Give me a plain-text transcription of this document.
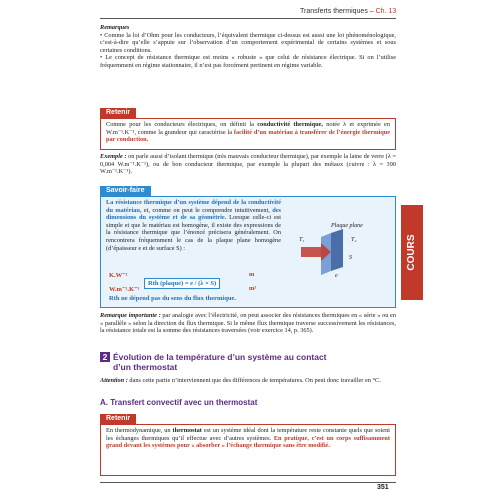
Transferts thermiques – Ch. 13
Remarques
• Comme la loi d’Ohm pour les conducteurs, l’équivalent thermique ci-dessus est aussi une loi phénoménologique, c’est-à-dire qu’elle s’appuie sur l’observation d’un comportement expérimental de certains systèmes et sous certaines conditions.
• Le concept de résistance thermique est moins « robuste » que celui de résistance électrique. Si on l’utilise fréquemment en régime stationnaire, il n’est pas forcément pertinent en régime variable.
Retenir
Comme pour les conducteurs électriques, on définit la conductivité thermique, notée λ et exprimée en W.m⁻¹.K⁻¹, comme la grandeur qui caractérise la facilité d’un matériau à transférer de l’énergie thermique par conduction.
Exemple : on parle aussi d’isolant thermique (très mauvais conducteur thermique), par exemple la laine de verre (λ = 0,004 W.m⁻¹.K⁻¹), ou de bon conducteur thermique, par exemple la plupart des métaux (cuivre : λ = 390 W.m⁻¹.K⁻¹).
Savoir-faire
La résistance thermique d’un système dépend de la conductivité du matériau, et, comme on peut le comprendre intuitivement, des dimensions du système et de sa géométrie. Lorsque celle-ci est simple et que le matériau est homogène, il existe des expressions de la résistance thermique que l’énoncé précisera généralement. On rencontrera fréquemment le cas de la plaque plane homogène (d’épaisseur e et de surface S) :
Plaque plane
T₁	T₂
e
S
K.W⁻¹
W.m⁻¹.K⁻¹
Rth (plaque) = e / (λ × S)
m
m²
Rth ne dépend pas du sens du flux thermique.
Remarque importante : par analogie avec l’électricité, on peut associer des résistances thermiques en « série » ou en « parallèle » selon la direction du flux thermique. Si le même flux thermique traverse successivement les résistances, la résistance totale est la somme des résistances traversées (voir exercice 14, p. 365).
2 Évolution de la température d’un système au contact
d’un thermostat
Attention : dans cette partie n’interviennent que des différences de températures. On peut donc travailler en °C.
A. Transfert convectif avec un thermostat
Retenir
En thermodynamique, un thermostat est un système idéal dont la température reste constante quels que soient les échanges thermiques qu’il effectue avec d’autres systèmes. En pratique, c’est un corps suffisamment grand devant les systèmes pour « absorber » l’échange thermique sans être modifié.
COURS
351
